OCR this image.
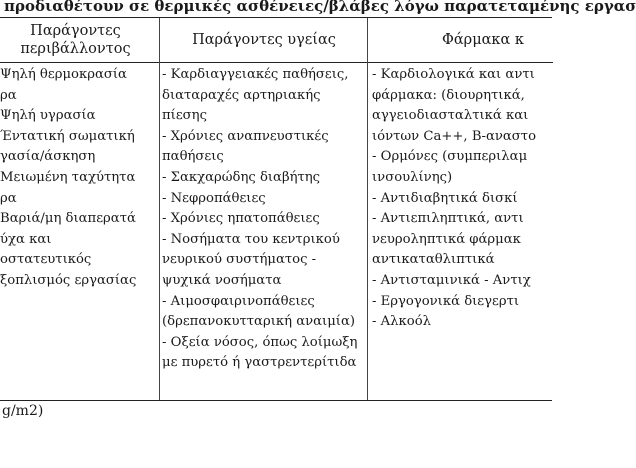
προδιαθέτουν σε θερμικές ασθένειες/βλάβες λόγω παρατεταμένης εργασ
Παράγοντες
περιβάλλοντος
Ψηλή θερμοκρασία
ρα
Ψηλή υγρασία
Έντατική σωματική
γασία/άσκηση
Μειωμένη ταχύτητα
ρα
Βαριά/μη διαπερατά
ύχα και
οστατευτικός
ξοπλισμός εργασίας
Παράγοντες υγείας
- Καρδιαγγειακές παθήσεις,
διαταραχές αρτηριακής
πίεσης
- Χρόνιες αναπνευστικές
παθήσεις
- Σακχαρώδης διαβήτης
- Νεφροπάθειες
- Χρόνιες ηπατοπάθειες
- Νοσήματα του κεντρικού
νευρικού συστήματος -
ψυχικά νοσήματα
- Αιμοσφαιρινοπάθειες
(δρεπανοκυτταρική αναιμία)
- Οξεία νόσος, όπως λοίμωξη
με πυρετό ή γαστρεντερίτιδα
Φάρμακα κ
- Καρδιολογικά και αντι
φάρμακα: (διουρητικά,
αγγειοδιασταλτικά και
ιόντων Ca++, Β-αναστο
- Ορμόνες (συμπεριλαμ
ινσουλίνης)
- Αντιδιαβητικά δισκί
- Αντιεπιληπτικά, αντι
νευροληπτικά φάρμακ
αντικαταθλιπτικά
- Αντισταμινικά - Αντιχ
- Εργογονικά διεγερτι
- Αλκοόλ
g/m2)
